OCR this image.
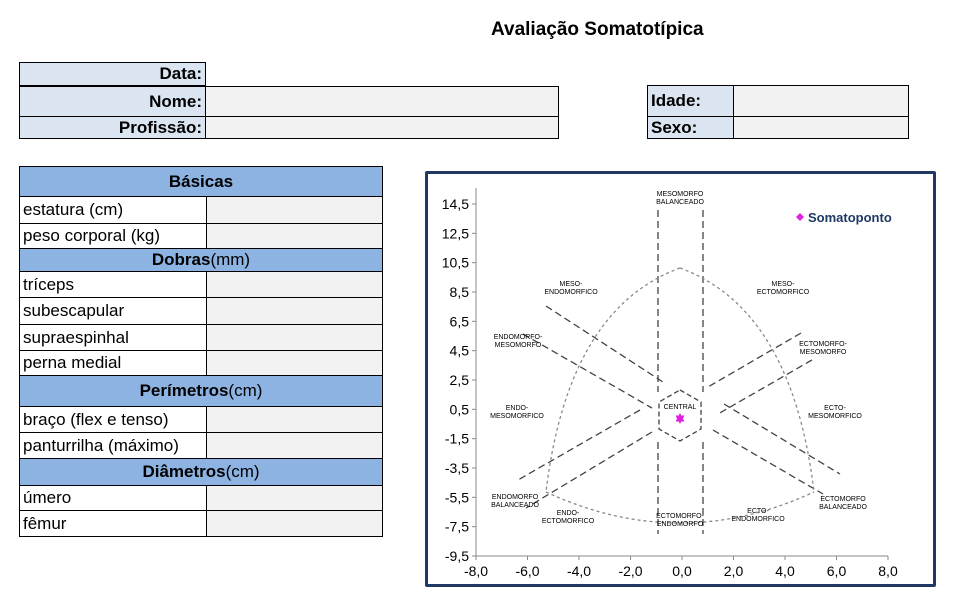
Avaliação Somatotípica
Data:
Nome:
Profissão:
Idade:
Sexo:
Básicas
estatura (cm)
peso corporal (kg)
Dobras (mm)
tríceps
subescapular
supraespinhal
perna medial
Perímetros (cm)
braço (flex e tenso)
panturrilha (máximo)
Diâmetros (cm)
úmero
fêmur
14,5
12,5
10,5
8,5
6,5
4,5
2,5
0,5
-1,5
-3,5
-5,5
-7,5
-9,5
-8,0 -6,0 -4,0 -2,0 0,0 2,0 4,0 6,0 8,0
MESOMORFO BALANCEADO
MESO-ENDOMORFICO
MESO-ECTOMORFICO
ENDOMORFO-MESOMORFO	ECTOMORFO-MESOMORFO
ENDO-MESOMORFICO
ECTO-MESOMORFICO
CENTRAL
ENDOMORFO BALANCEADO
ECTOMORFO BALANCEADO
ENDO-ECTOMORFICO
ECTO-ENDOMORFICO
ECTOMORFO-ENDOMORFO
Somatoponto
